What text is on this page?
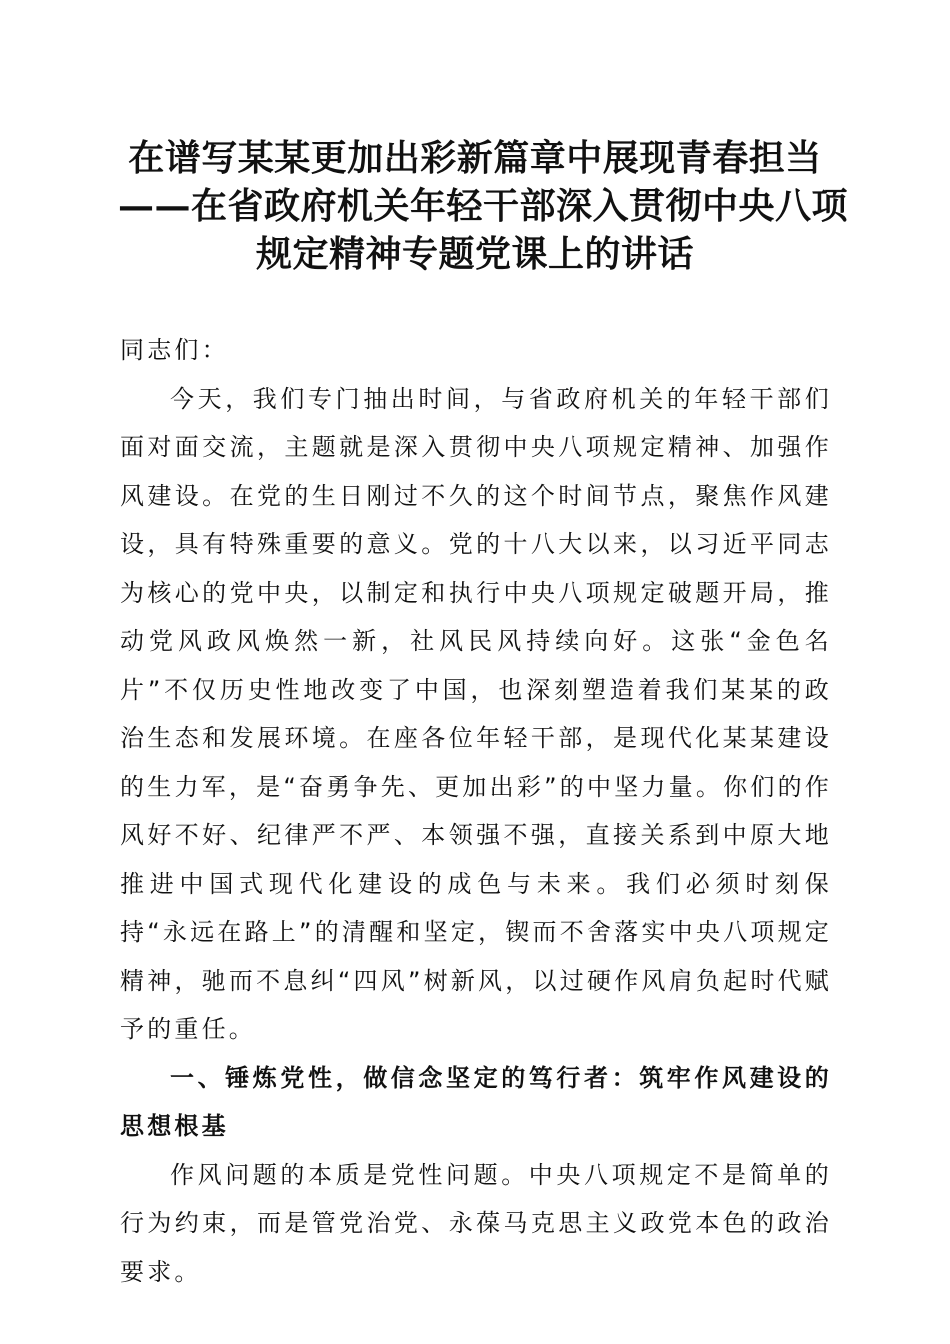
在谱写某某更加出彩新篇章中展现青春担当
——在省政府机关年轻干部深入贯彻中央八项
规定精神专题党课上的讲话

同志们：

今天，我们专门抽出时间，与省政府机关的年轻干部们面对面交流，主题就是深入贯彻中央八项规定精神、加强作风建设。在党的生日刚过不久的这个时间节点，聚焦作风建设，具有特殊重要的意义。党的十八大以来，以习近平同志为核心的党中央，以制定和执行中央八项规定破题开局，推动党风政风焕然一新，社风民风持续向好。这张“金色名片”不仅历史性地改变了中国，也深刻塑造着我们某某的政治生态和发展环境。在座各位年轻干部，是现代化某某建设的生力军，是“奋勇争先、更加出彩”的中坚力量。你们的作风好不好、纪律严不严、本领强不强，直接关系到中原大地推进中国式现代化建设的成色与未来。我们必须时刻保持“永远在路上”的清醒和坚定，锲而不舍落实中央八项规定精神，驰而不息纠“四风”树新风，以过硬作风肩负起时代赋予的重任。

一、锤炼党性，做信念坚定的笃行者：筑牢作风建设的思想根基

作风问题的本质是党性问题。中央八项规定不是简单的行为约束，而是管党治党、永葆马克思主义政党本色的政治要求。
